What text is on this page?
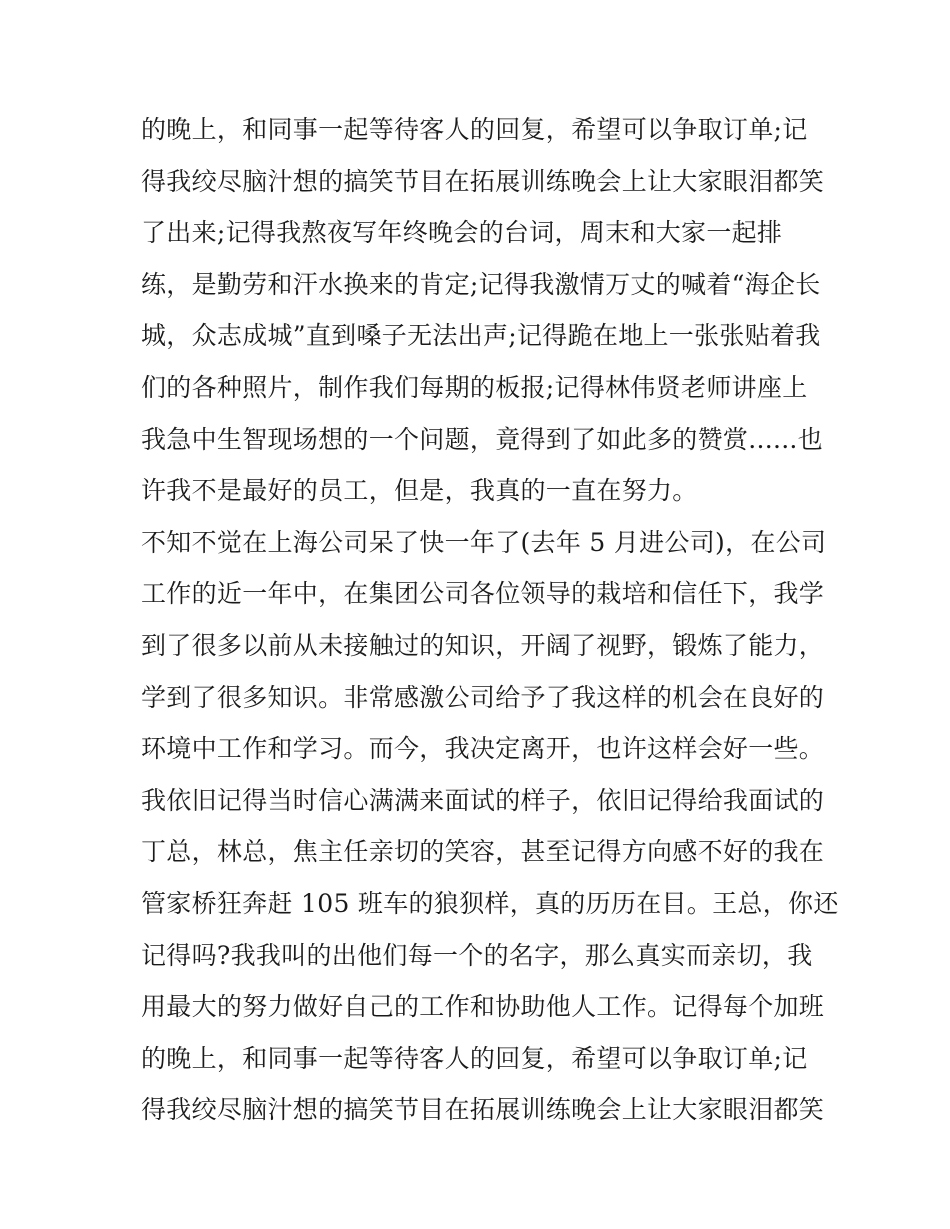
的晚上，和同事一起等待客人的回复，希望可以争取订单;记
得我绞尽脑汁想的搞笑节目在拓展训练晚会上让大家眼泪都笑
了出来;记得我熬夜写年终晚会的台词，周末和大家一起排
练，是勤劳和汗水换来的肯定;记得我激情万丈的喊着“海企长
城，众志成城”直到嗓子无法出声;记得跪在地上一张张贴着我
们的各种照片，制作我们每期的板报;记得林伟贤老师讲座上
我急中生智现场想的一个问题，竟得到了如此多的赞赏......也
许我不是最好的员工，但是，我真的一直在努力。
不知不觉在上海公司呆了快一年了(去年 5 月进公司)，在公司
工作的近一年中，在集团公司各位领导的栽培和信任下，我学
到了很多以前从未接触过的知识，开阔了视野，锻炼了能力，
学到了很多知识。非常感激公司给予了我这样的机会在良好的
环境中工作和学习。而今，我决定离开，也许这样会好一些。
我依旧记得当时信心满满来面试的样子，依旧记得给我面试的
丁总，林总，焦主任亲切的笑容，甚至记得方向感不好的我在
管家桥狂奔赶 105 班车的狼狈样，真的历历在目。王总，你还
记得吗?我我叫的出他们每一个的名字，那么真实而亲切，我
用最大的努力做好自己的工作和协助他人工作。记得每个加班
的晚上，和同事一起等待客人的回复，希望可以争取订单;记
得我绞尽脑汁想的搞笑节目在拓展训练晚会上让大家眼泪都笑
